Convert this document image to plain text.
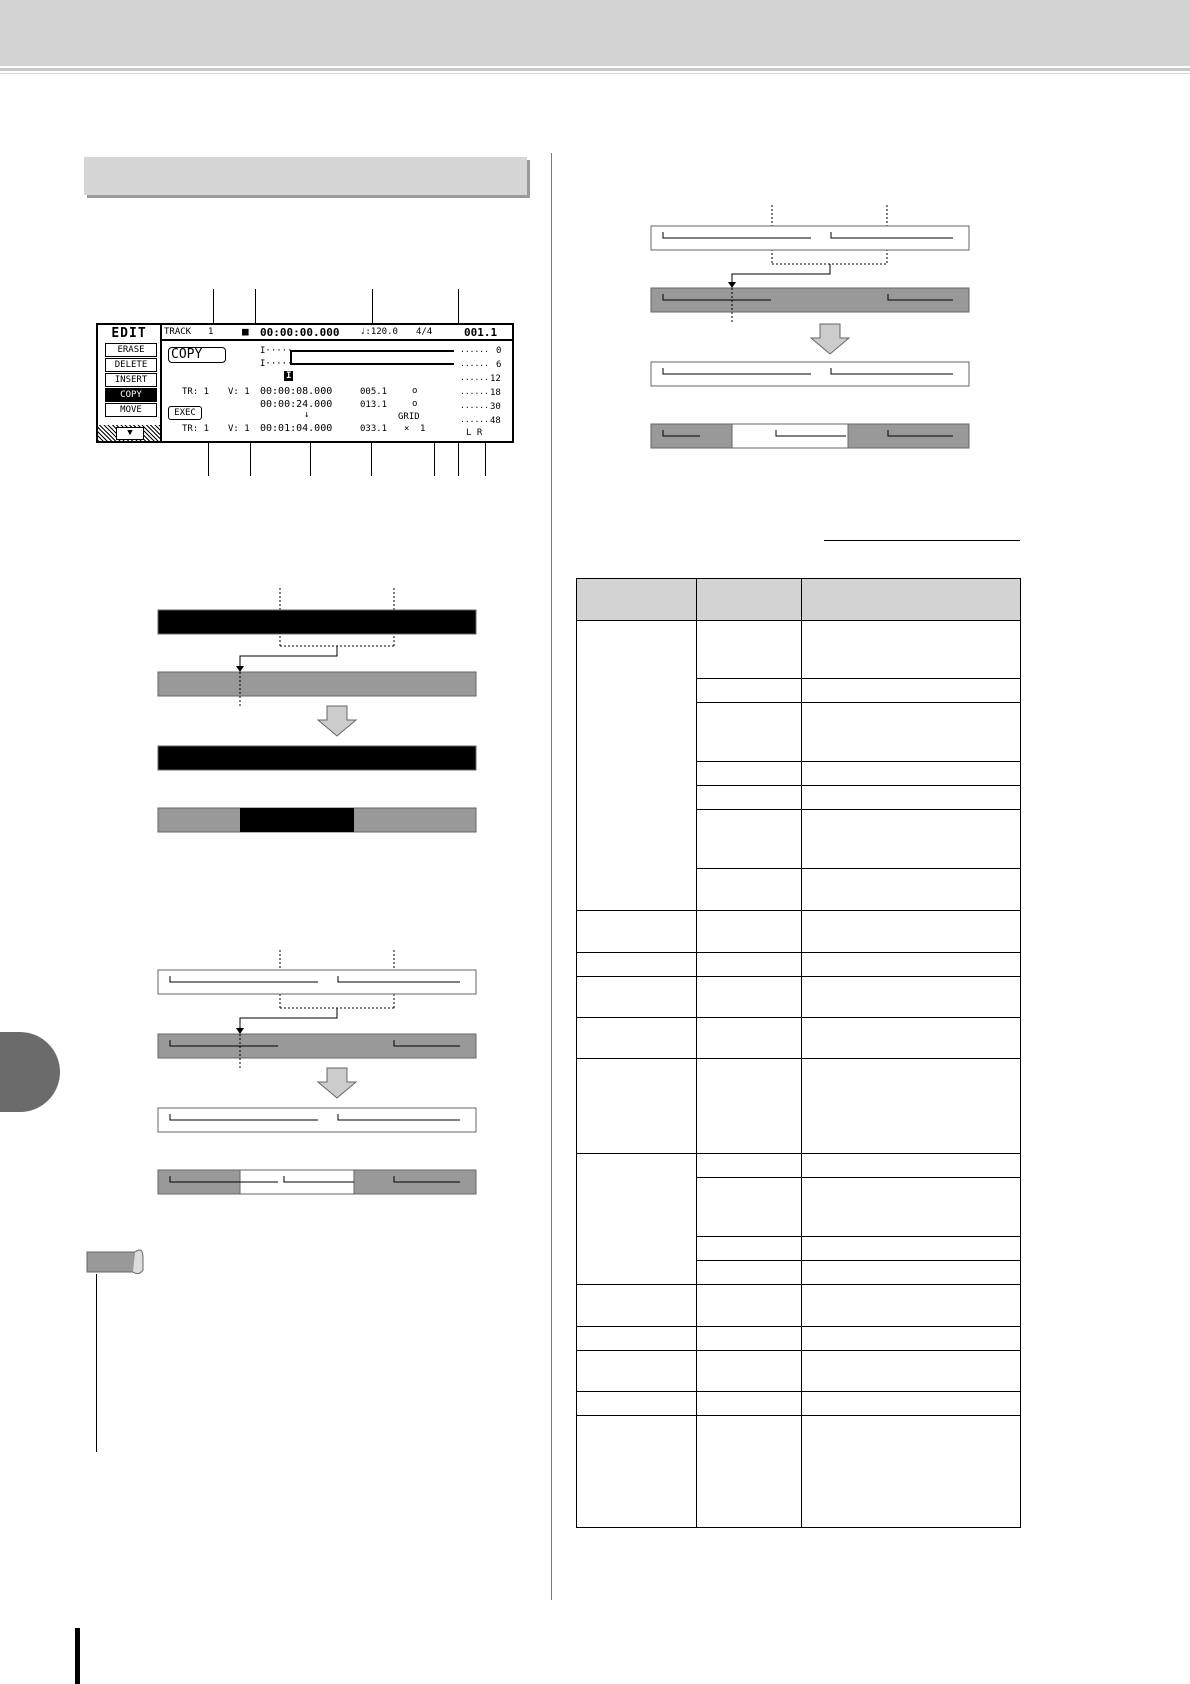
EDIT
ERASE
DELETE
INSERT
COPY
MOVE
▼
TRACK 1	■ 00:00:00.000 ♩:120.0 4/4	001.1
COPY	I·····
I·····
I
TR: 1 V: 1 00:00:08.000
00:00:24.000
↓
EXEC
TR: 1 V: 1 00:01:04.000
005.1
013.1
033.1
o
o
GRID
× 1
······ 0
······ 6
······ 12
······ 18
······ 30
······ 48
L R
